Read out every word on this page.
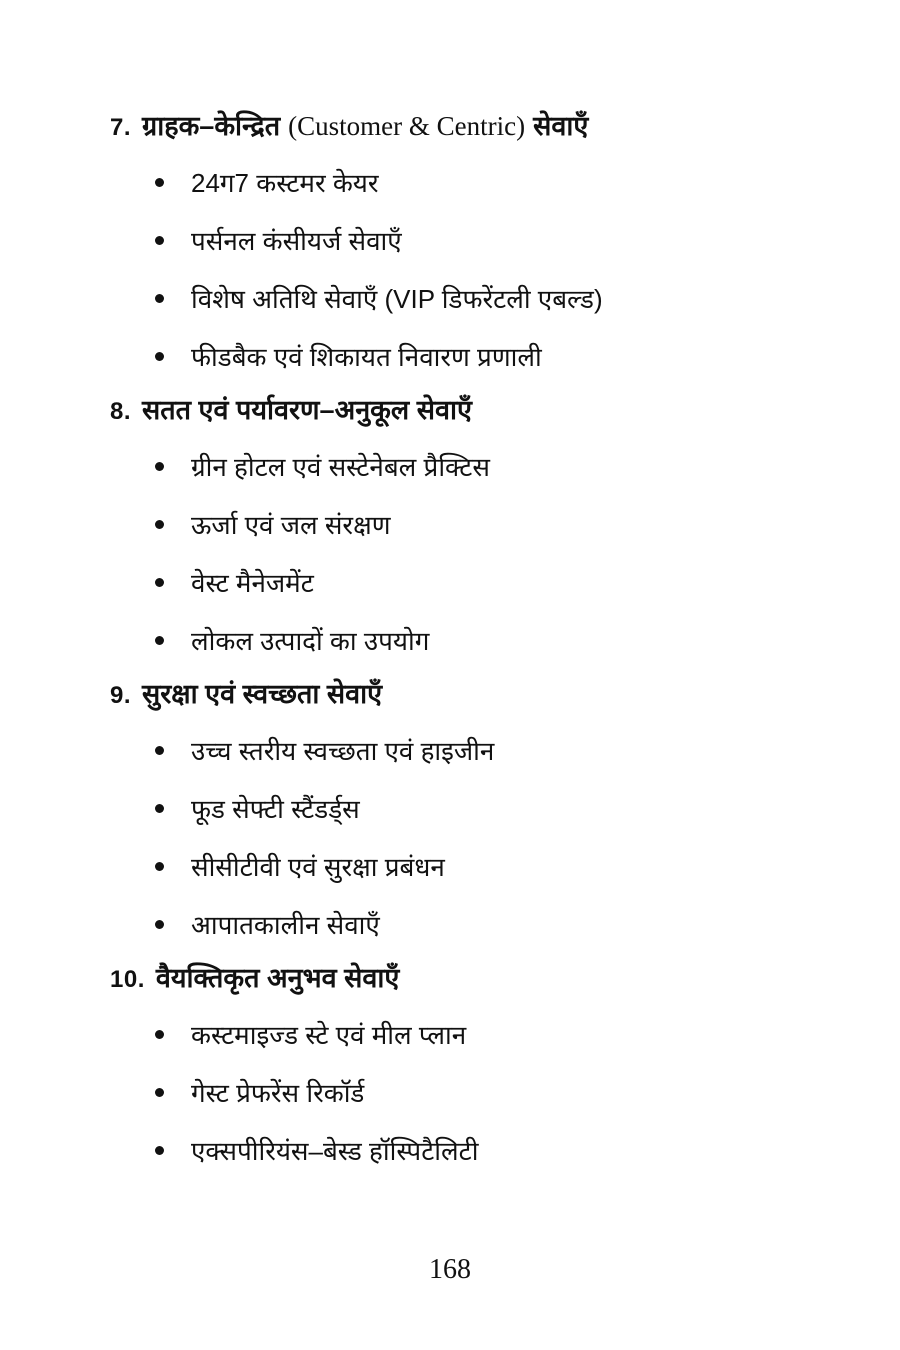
7. ग्राहक–केन्द्रित (Customer & Centric) सेवाएँ
24ग7 कस्टमर केयर
पर्सनल कंसीयर्ज सेवाएँ
विशेष अतिथि सेवाएँ (VIP डिफरेंटली एबल्ड)
फीडबैक एवं शिकायत निवारण प्रणाली
8. सतत एवं पर्यावरण–अनुकूल सेवाएँ
ग्रीन होटल एवं सस्टेनेबल प्रैक्टिस
ऊर्जा एवं जल संरक्षण
वेस्ट मैनेजमेंट
लोकल उत्पादों का उपयोग
9. सुरक्षा एवं स्वच्छता सेवाएँ
उच्च स्तरीय स्वच्छता एवं हाइजीन
फूड सेफ्टी स्टैंडर्ड्स
सीसीटीवी एवं सुरक्षा प्रबंधन
आपातकालीन सेवाएँ
10. वैयक्तिकृत अनुभव सेवाएँ
कस्टमाइज्ड स्टे एवं मील प्लान
गेस्ट प्रेफरेंस रिकॉर्ड
एक्सपीरियंस–बेस्ड हॉस्पिटैलिटी
168
